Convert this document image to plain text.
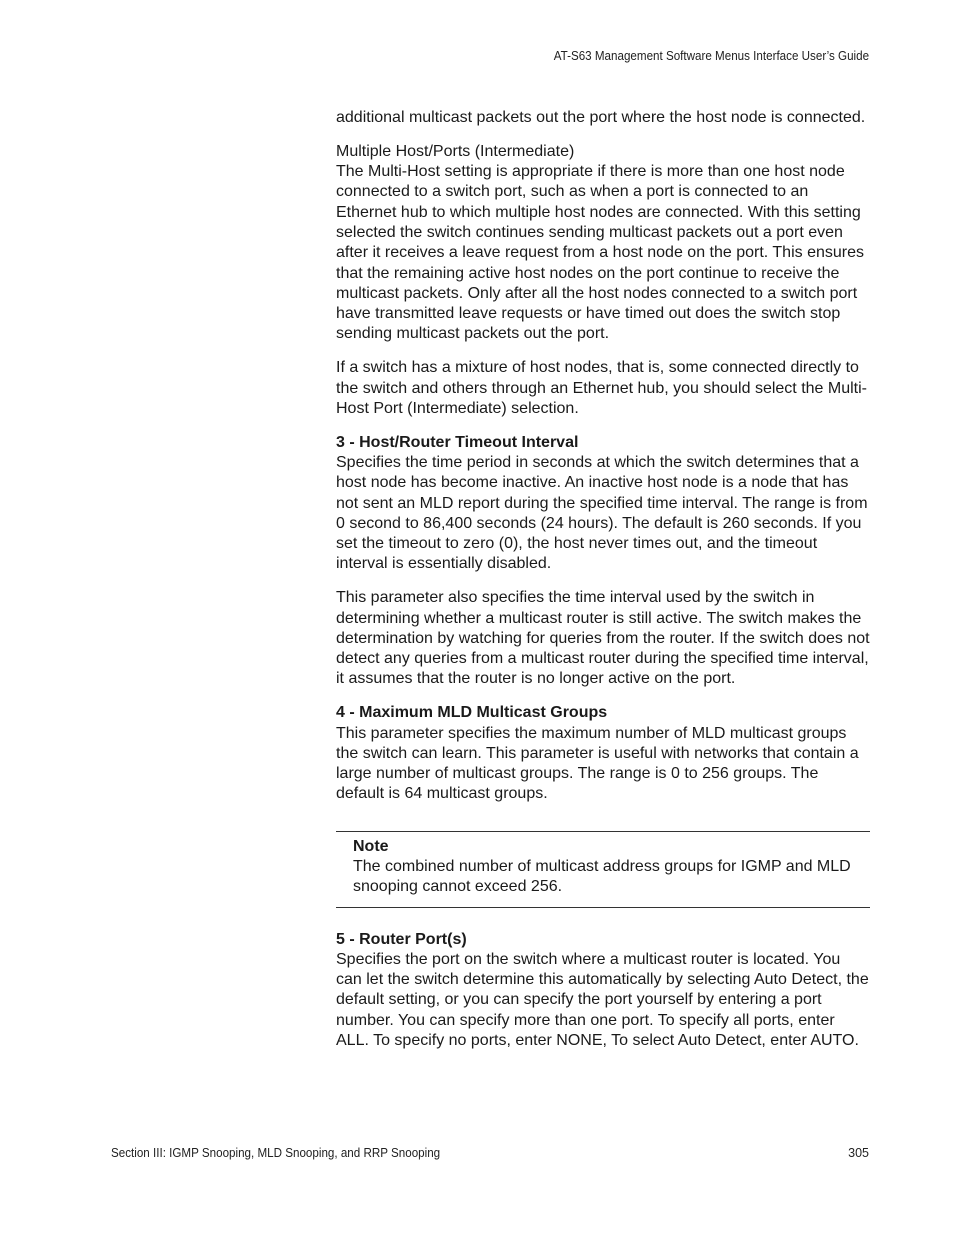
AT-S63 Management Software Menus Interface User’s Guide

additional multicast packets out the port where the host node is connected.

Multiple Host/Ports (Intermediate)
The Multi-Host setting is appropriate if there is more than one host node connected to a switch port, such as when a port is connected to an Ethernet hub to which multiple host nodes are connected. With this setting selected the switch continues sending multicast packets out a port even after it receives a leave request from a host node on the port. This ensures that the remaining active host nodes on the port continue to receive the multicast packets. Only after all the host nodes connected to a switch port have transmitted leave requests or have timed out does the switch stop sending multicast packets out the port.

If a switch has a mixture of host nodes, that is, some connected directly to the switch and others through an Ethernet hub, you should select the Multi-Host Port (Intermediate) selection.

3 - Host/Router Timeout Interval
Specifies the time period in seconds at which the switch determines that a host node has become inactive. An inactive host node is a node that has not sent an MLD report during the specified time interval. The range is from 0 second to 86,400 seconds (24 hours). The default is 260 seconds. If you set the timeout to zero (0), the host never times out, and the timeout interval is essentially disabled.

This parameter also specifies the time interval used by the switch in determining whether a multicast router is still active. The switch makes the determination by watching for queries from the router. If the switch does not detect any queries from a multicast router during the specified time interval, it assumes that the router is no longer active on the port.

4 - Maximum MLD Multicast Groups
This parameter specifies the maximum number of MLD multicast groups the switch can learn. This parameter is useful with networks that contain a large number of multicast groups. The range is 0 to 256 groups. The default is 64 multicast groups.
Note
The combined number of multicast address groups for IGMP and MLD snooping cannot exceed 256.
5 - Router Port(s)
Specifies the port on the switch where a multicast router is located. You can let the switch determine this automatically by selecting Auto Detect, the default setting, or you can specify the port yourself by entering a port number. You can specify more than one port. To specify all ports, enter ALL. To specify no ports, enter NONE, To select Auto Detect, enter AUTO.
Section III: IGMP Snooping, MLD Snooping, and RRP Snooping	305
